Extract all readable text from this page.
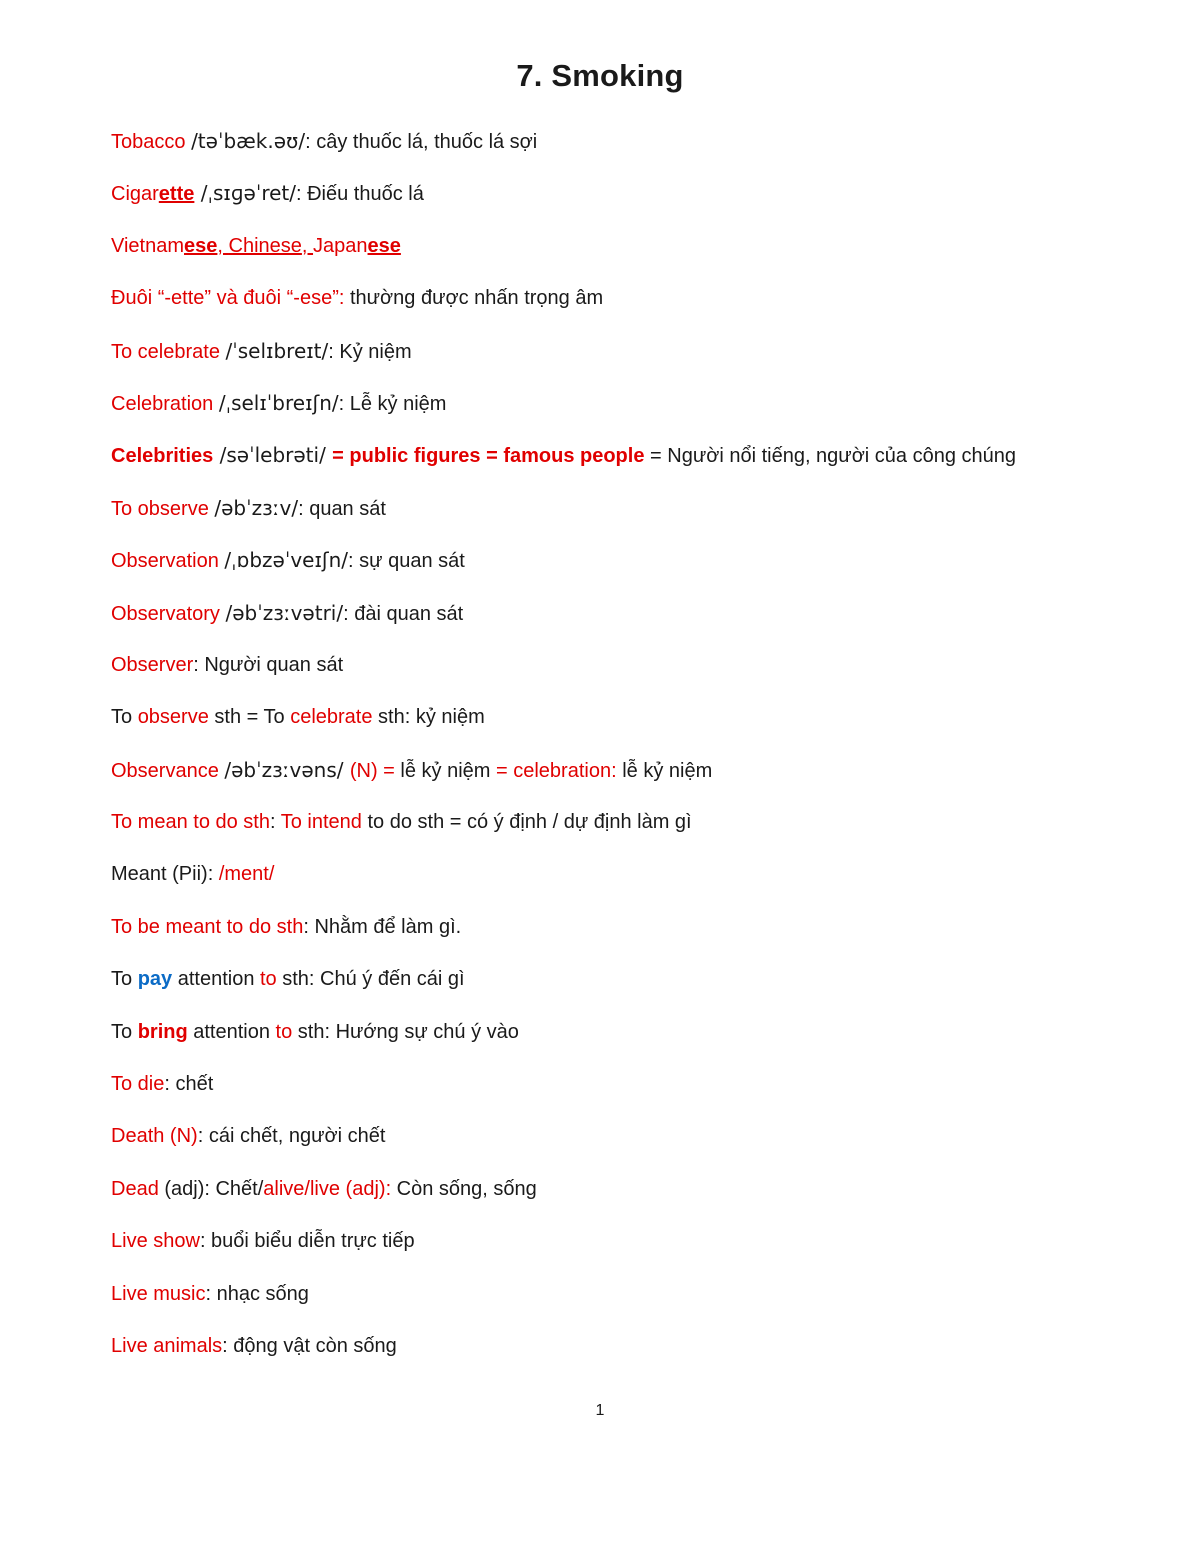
7. Smoking
Tobacco /təˈbæk.əʊ/: cây thuốc lá, thuốc lá sợi
Cigarette /ˌsɪɡəˈret/: Điếu thuốc lá
Vietnamese, Chinese, Japanese
Đuôi “-ette” và đuôi “-ese”: thường được nhấn trọng âm
To celebrate /ˈselɪbreɪt/: Kỷ niệm
Celebration /ˌselɪˈbreɪʃn/: Lễ kỷ niệm
Celebrities /səˈlebrəti/ = public figures = famous people = Người nổi tiếng, người của công chúng
To observe /əbˈzɜːv/: quan sát
Observation /ˌɒbzəˈveɪʃn/: sự quan sát
Observatory /əbˈzɜːvətri/: đài quan sát
Observer: Người quan sát
To observe sth = To celebrate sth: kỷ niệm
Observance /əbˈzɜːvəns/ (N) = lễ kỷ niệm = celebration: lễ kỷ niệm
To mean to do sth: To intend to do sth = có ý định / dự định làm gì
Meant (Pii): /ment/
To be meant to do sth: Nhằm để làm gì.
To pay attention to sth: Chú ý đến cái gì
To bring attention to sth: Hướng sự chú ý vào
To die: chết
Death (N): cái chết, người chết
Dead (adj): Chết/alive/live (adj): Còn sống, sống
Live show: buổi biểu diễn trực tiếp
Live music: nhạc sống
Live animals: động vật còn sống
1
